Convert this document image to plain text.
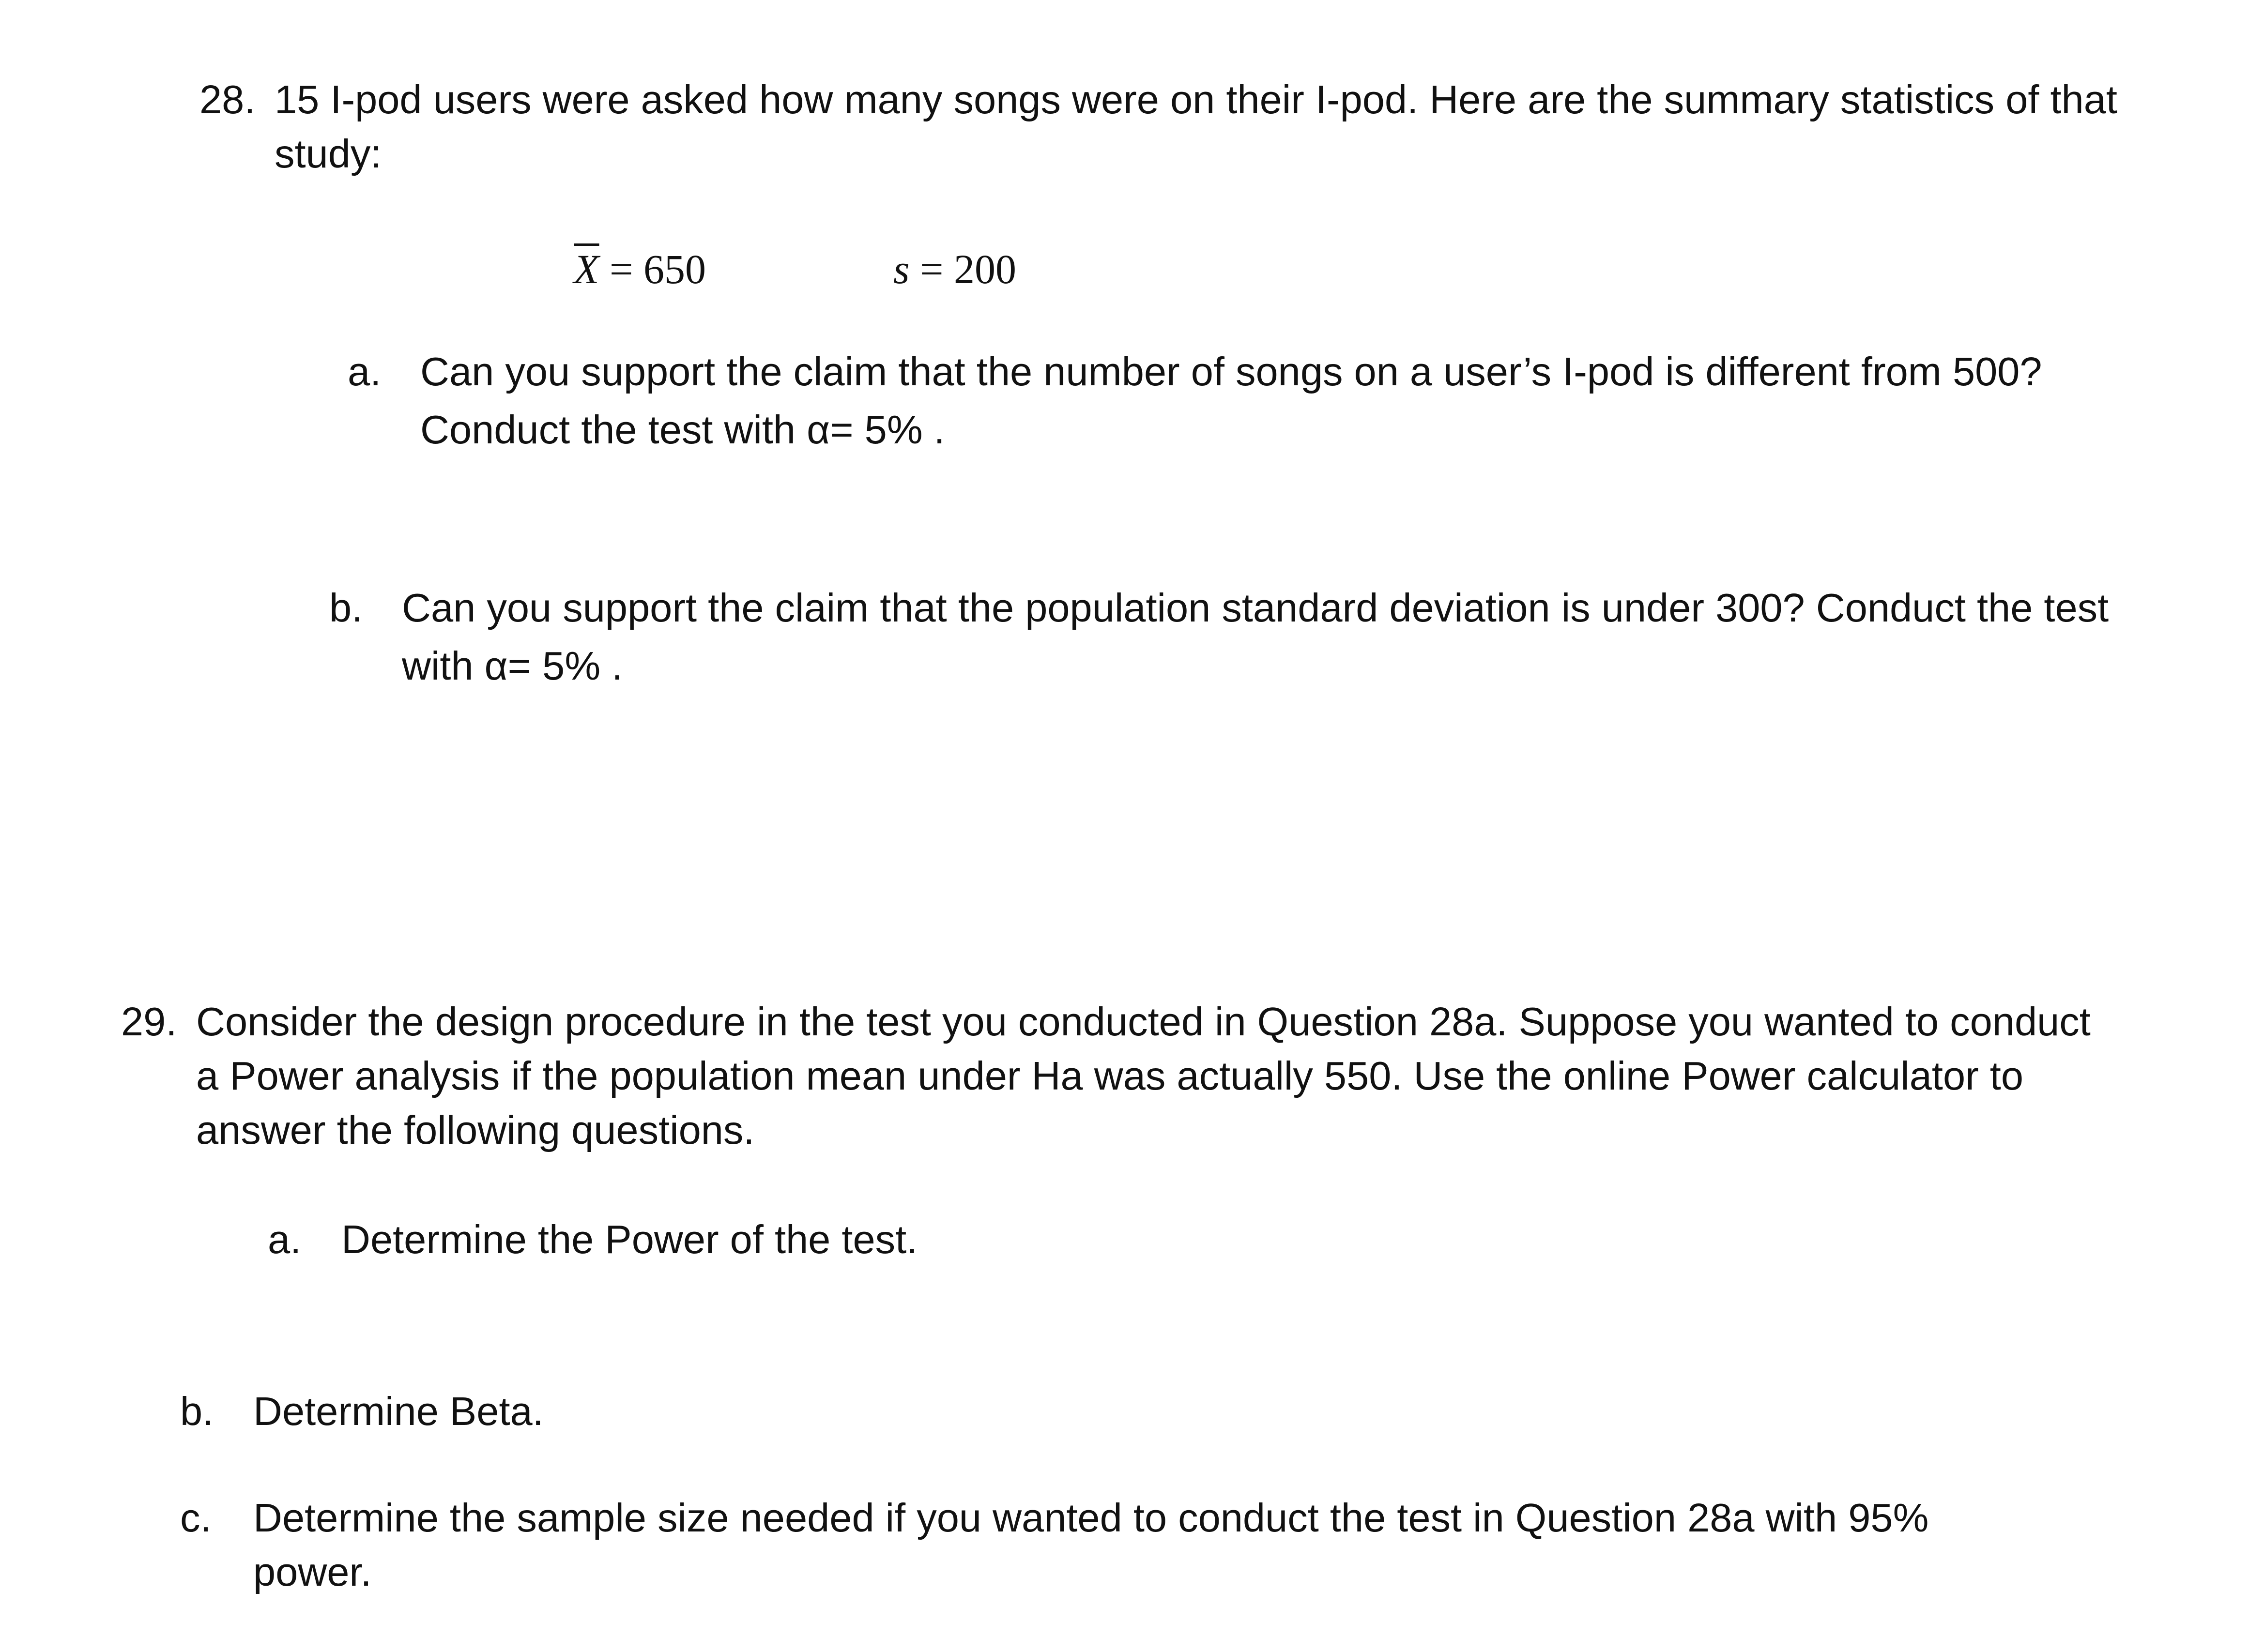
28. 15 I-pod users were asked how many songs were on their I-pod. Here are the summary statistics of that

study:

$\overline{X} = 650$	s = 200
a. Can you support the claim that the number of songs on a user’s I-pod is different from 500?

Conduct the test with α= 5% .

b. Can you support the claim that the population standard deviation is under 300? Conduct the test

with α= 5% .

29. Consider the design procedure in the test you conducted in Question 28a. Suppose you wanted to conduct

a Power analysis if the population mean under Ha was actually 550. Use the online Power calculator to

answer the following questions.

a. Determine the Power of the test.

b. Determine Beta.

c. Determine the sample size needed if you wanted to conduct the test in Question 28a with 95%

power.
